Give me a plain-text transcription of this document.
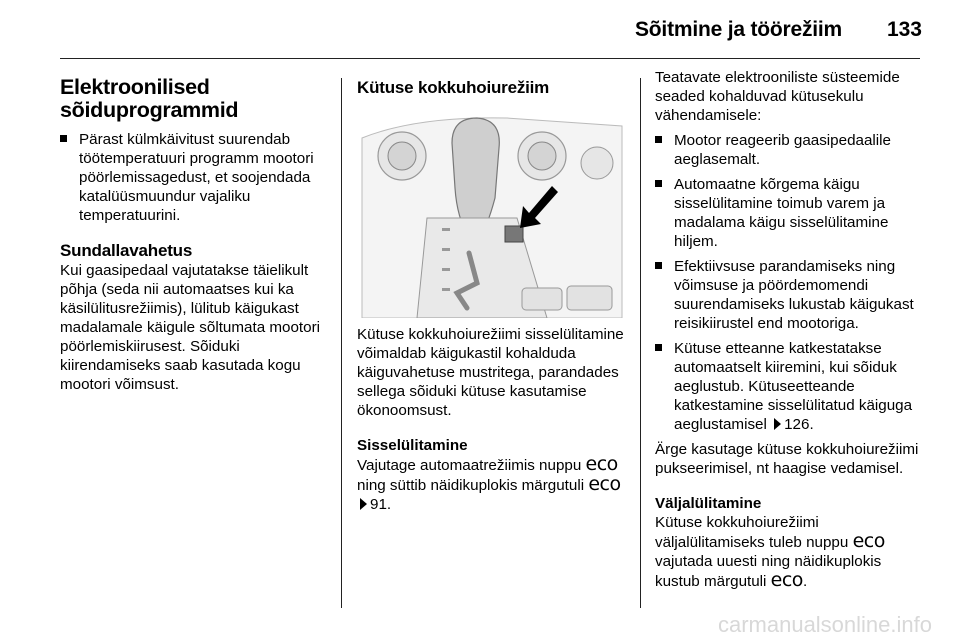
Sõitmine ja töörežiim 133
Elektroonilised sõiduprogrammid
Pärast külmkäivitust suurendab töötemperatuuri programm mootori pöörlemissagedust, et soojendada katalüüsmuundur vajaliku temperatuurini.
Sundallavahetus

Kui gaasipedaal vajutatakse täielikult põhja (seda nii automaatses kui ka käsilülitusrežiimis), lülitub käigukast madalamale käigule sõltumata mootori pöörlemiskiirusest. Sõiduki kiirendamiseks saab kasutada kogu mootori võimsust.

Kütuse kokkuhoiurežiim

Kütuse kokkuhoiurežiimi sisselülitamine võimaldab käigukastil kohalduda käiguvahetuse mustritega, parandades sellega sõiduki kütuse kasutamise ökonoomsust.

Sisselülitamine

Vajutage automaatrežiimis nuppu eco ning süttib näidikuplokis märgutuli eco 91.

Teatavate elektrooniliste süsteemide seaded kohalduvad kütusekulu vähendamisele:

Mootor reageerib gaasipedaalile aeglasemalt.
Automaatne kõrgema käigu sisselülitamine toimub varem ja madalama käigu sisselülitamine hiljem.
Efektiivsuse parandamiseks ning võimsuse ja pöördemomendi suurendamiseks lukustab käigukast reisikiirustel end mootoriga.
Kütuse etteanne katkestatakse automaatselt kiiremini, kui sõiduk aeglustub. Kütuseetteande katkestamine sisselülitatud käiguga aeglustamisel 126.

Ärge kasutage kütuse kokkuhoiurežiimi pukseerimisel, nt haagise vedamisel.

Väljalülitamine

Kütuse kokkuhoiurežiimi väljalülitamiseks tuleb nuppu eco vajutada uuesti ning näidikuplokis kustub märgutuli eco.

carmanualsonline.info
